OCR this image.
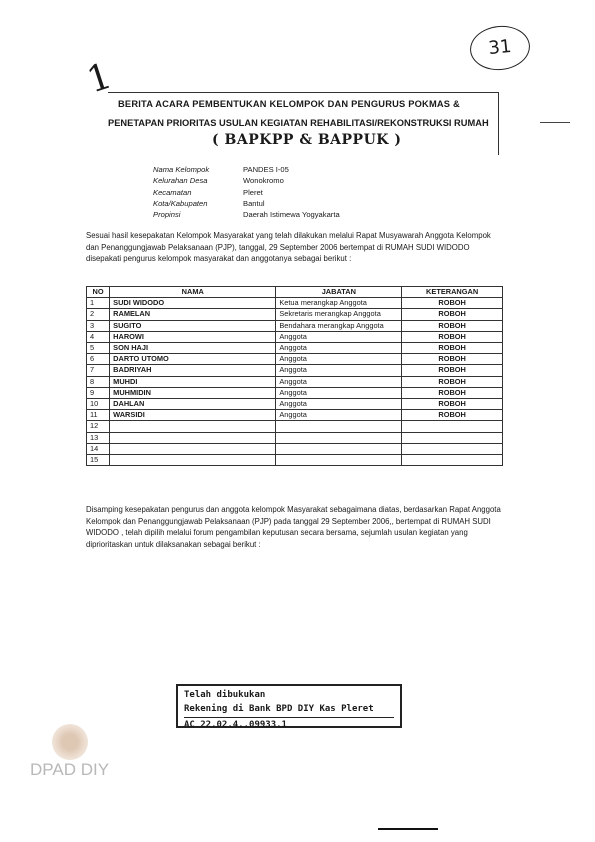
31
1
BERITA ACARA PEMBENTUKAN KELOMPOK DAN PENGURUS POKMAS &
PENETAPAN PRIORITAS USULAN KEGIATAN REHABILITASI/REKONSTRUKSI RUMAH
( BAPKPP & BAPPUK )
Nama Kelompok	PANDES I-05
Kelurahan Desa	Wonokromo
Kecamatan	Pleret
Kota/Kabupaten	Bantul
Propinsi	Daerah Istimewa Yogyakarta
Sesuai hasil kesepakatan Kelompok Masyarakat yang telah dilakukan melalui Rapat Musyawarah Anggota Kelompok dan Penanggungjawab Pelaksanaan (PJP), tanggal, 29 September 2006 bertempat di RUMAH SUDI WIDODO disepakati pengurus kelompok masyarakat dan anggotanya sebagai berikut :
NO	NAMA	JABATAN	KETERANGAN
1	SUDI WIDODO	Ketua merangkap Anggota	ROBOH
2	RAMELAN	Sekretaris merangkap Anggota	ROBOH
3	SUGITO	Bendahara merangkap Anggota	ROBOH
4	HAROWI	Anggota	ROBOH
5	SON HAJI	Anggota	ROBOH
6	DARTO UTOMO	Anggota	ROBOH
7	BADRIYAH	Anggota	ROBOH
8	MUHDI	Anggota	ROBOH
9	MUHMIDIN	Anggota	ROBOH
10	DAHLAN	Anggota	ROBOH
11	WARSIDI	Anggota	ROBOH
12			
13			
14			
15			
Disamping kesepakatan pengurus dan anggota kelompok Masyarakat sebagaimana diatas, berdasarkan Rapat Anggota Kelompok dan Penanggungjawab Pelaksanaan (PJP) pada tanggal 29 September 2006,, bertempat di RUMAH SUDI WIDODO , telah dipilih melalui forum pengambilan keputusan secara bersama, sejumlah usulan kegiatan yang diprioritaskan untuk dilaksanakan sebagai berikut :
Telah dibukukan
Rekening di Bank BPD DIY Kas Pleret
AC 22.02.4..09933.1
DPAD DIY
